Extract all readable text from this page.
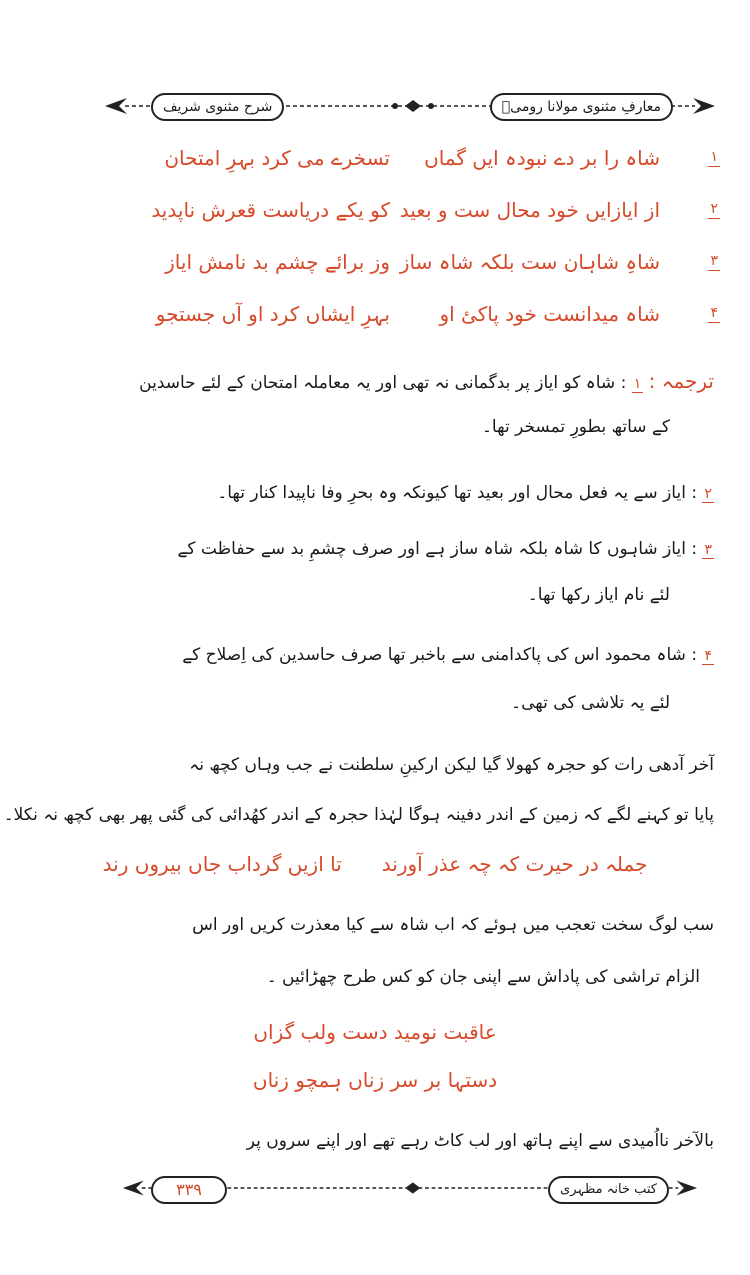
معارفِ مثنوی مولانا رومیؒ
شرح مثنوی شریف
۱
شاہ را بر دے نبودہ ایں گماں
تسخرے می کرد بہرِ امتحان
۲
از ایازایں خود محال ست و بعید
کو یکے دریاست قعرش ناپدید
۳
شاہِ شاہان ست بلکہ شاہ ساز
وز برائے چشم بد نامش ایاز
۴
شاہ میدانست خود پاکئ او
بہرِ ایشاں کرد او آں جستجو
ترجمہ : ۱ : شاہ کو ایاز پر بدگمانی نہ تھی اور یہ معاملہ امتحان کے لئے حاسدین
کے ساتھ بطورِ تمسخر تھا۔
۲ : ایاز سے یہ فعل محال اور بعید تھا کیونکہ وہ بحرِ وفا ناپیدا کنار تھا۔
۳ : ایاز شاہوں کا شاہ بلکہ شاہ ساز ہے اور صرف چشمِ بد سے حفاظت کے
لئے نام ایاز رکھا تھا۔
۴ : شاہ محمود اس کی پاکدامنی سے باخبر تھا صرف حاسدین کی اِصلاح کے
لئے یہ تلاشی کی تھی۔
آخر آدھی رات کو حجرہ کھولا گیا لیکن ارکینِ سلطنت نے جب وہاں کچھ نہ
پایا تو کہنے لگے کہ زمین کے اندر دفینہ ہوگا لہٰذا حجرہ کے اندر کھُدائی کی گئی پھر بھی کچھ نہ نکلا۔
جملہ در حیرت کہ چہ عذر آورندتا ازیں گرداب جاں بیروں رند
سب لوگ سخت تعجب میں ہوئے کہ اب شاہ سے کیا معذرت کریں اور اس
الزام تراشی کی پاداش سے اپنی جان کو کس طرح چھڑائیں ۔
عاقبت نومید دست ولب گزاں
دستہا بر سر زناں ہمچو زناں
بالآخر نااُمیدی سے اپنے ہاتھ اور لب کاٹ رہے تھے اور اپنے سروں پر
۳۳۹	کتب خانہ مظہری
